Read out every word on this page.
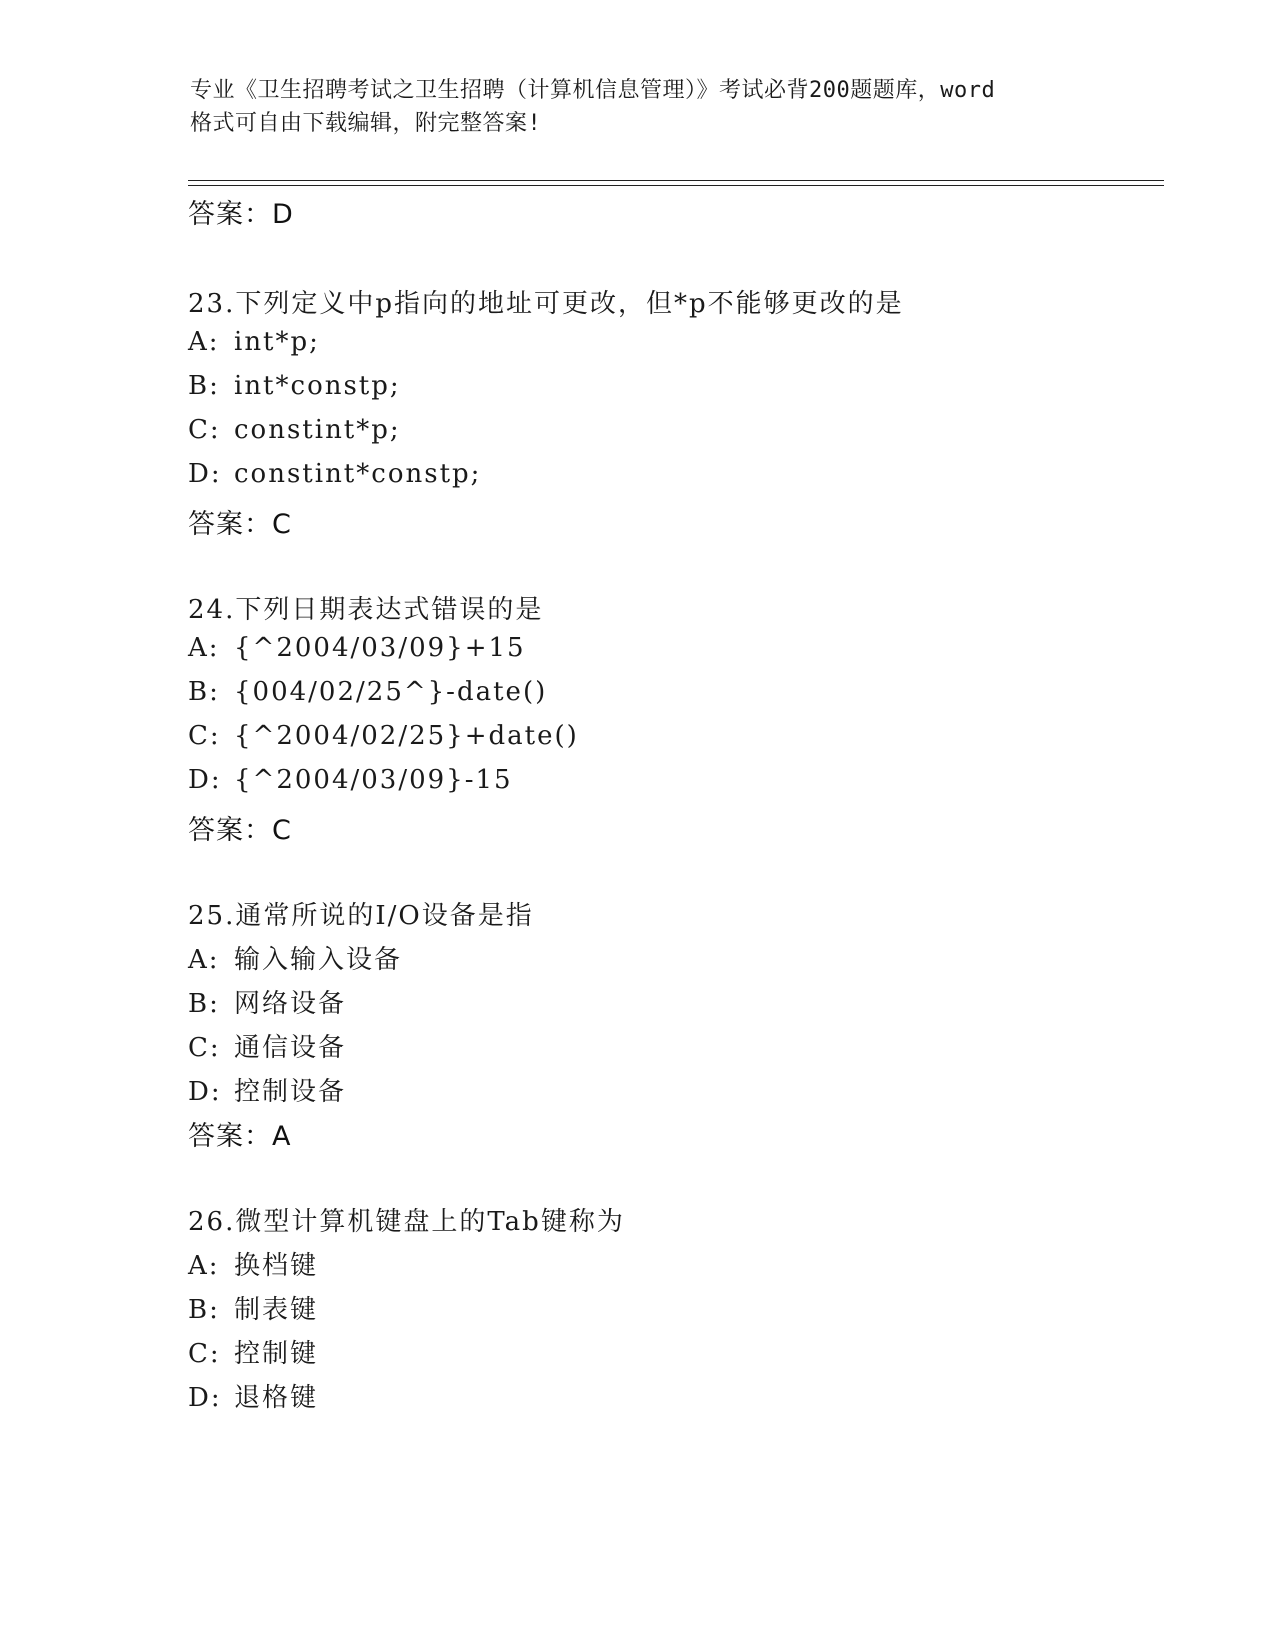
专业《卫生招聘考试之卫生招聘（计算机信息管理）》考试必背200题题库，word
格式可自由下载编辑，附完整答案!
答案：D
23.下列定义中p指向的地址可更改，但*p不能够更改的是
A: int*p;
B: int*constp;
C: constint*p;
D: constint*constp;
答案：C
24.下列日期表达式错误的是
A: {^2004/03/09}+15
B: {004/02/25^}-date()
C: {^2004/02/25}+date()
D: {^2004/03/09}-15
答案：C
25.通常所说的I/O设备是指
A: 输入输入设备
B: 网络设备
C: 通信设备
D: 控制设备
答案：A
26.微型计算机键盘上的Tab键称为
A: 换档键
B: 制表键
C: 控制键
D: 退格键
